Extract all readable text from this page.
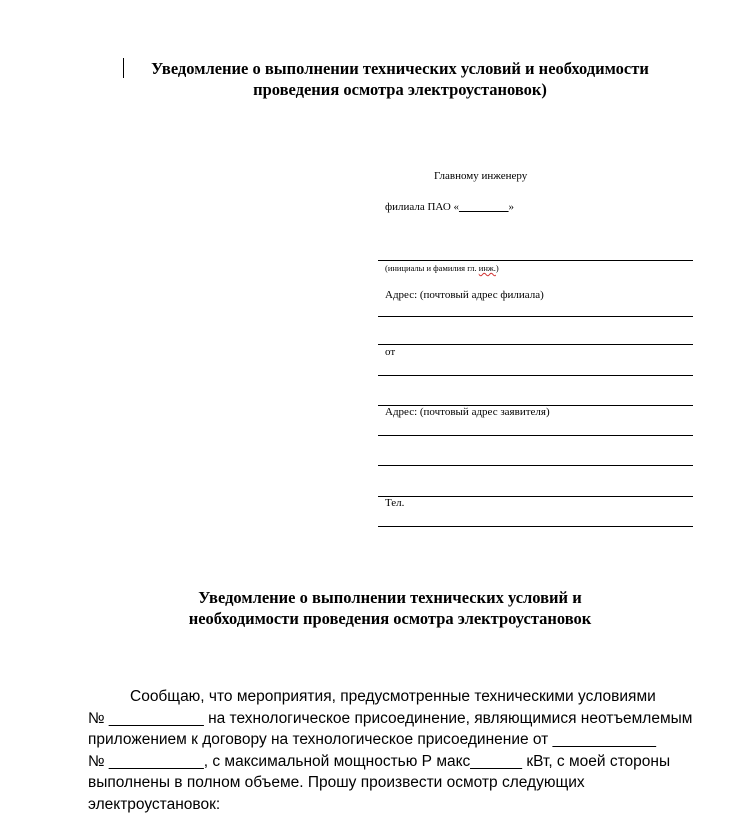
Уведомление о выполнении технических условий и необходимости
проведения осмотра электроустановок)
Главному инженеру
филиала ПАО «_________»
(инициалы и фамилия гл. инж.)
Адрес: (почтовый адрес филиала)
от
Адрес: (почтовый адрес заявителя)
Тел.
Уведомление о выполнении технических условий и
необходимости проведения осмотра электроустановок
Сообщаю, что мероприятия, предусмотренные техническими условиями
№ ___________ на технологическое присоединение, являющимися неотъемлемым
приложением к договору на технологическое присоединение от ____________
№ ___________, с максимальной мощностью Р макс______ кВт, с моей стороны
выполнены в полном объеме. Прошу произвести осмотр следующих
электроустановок:
